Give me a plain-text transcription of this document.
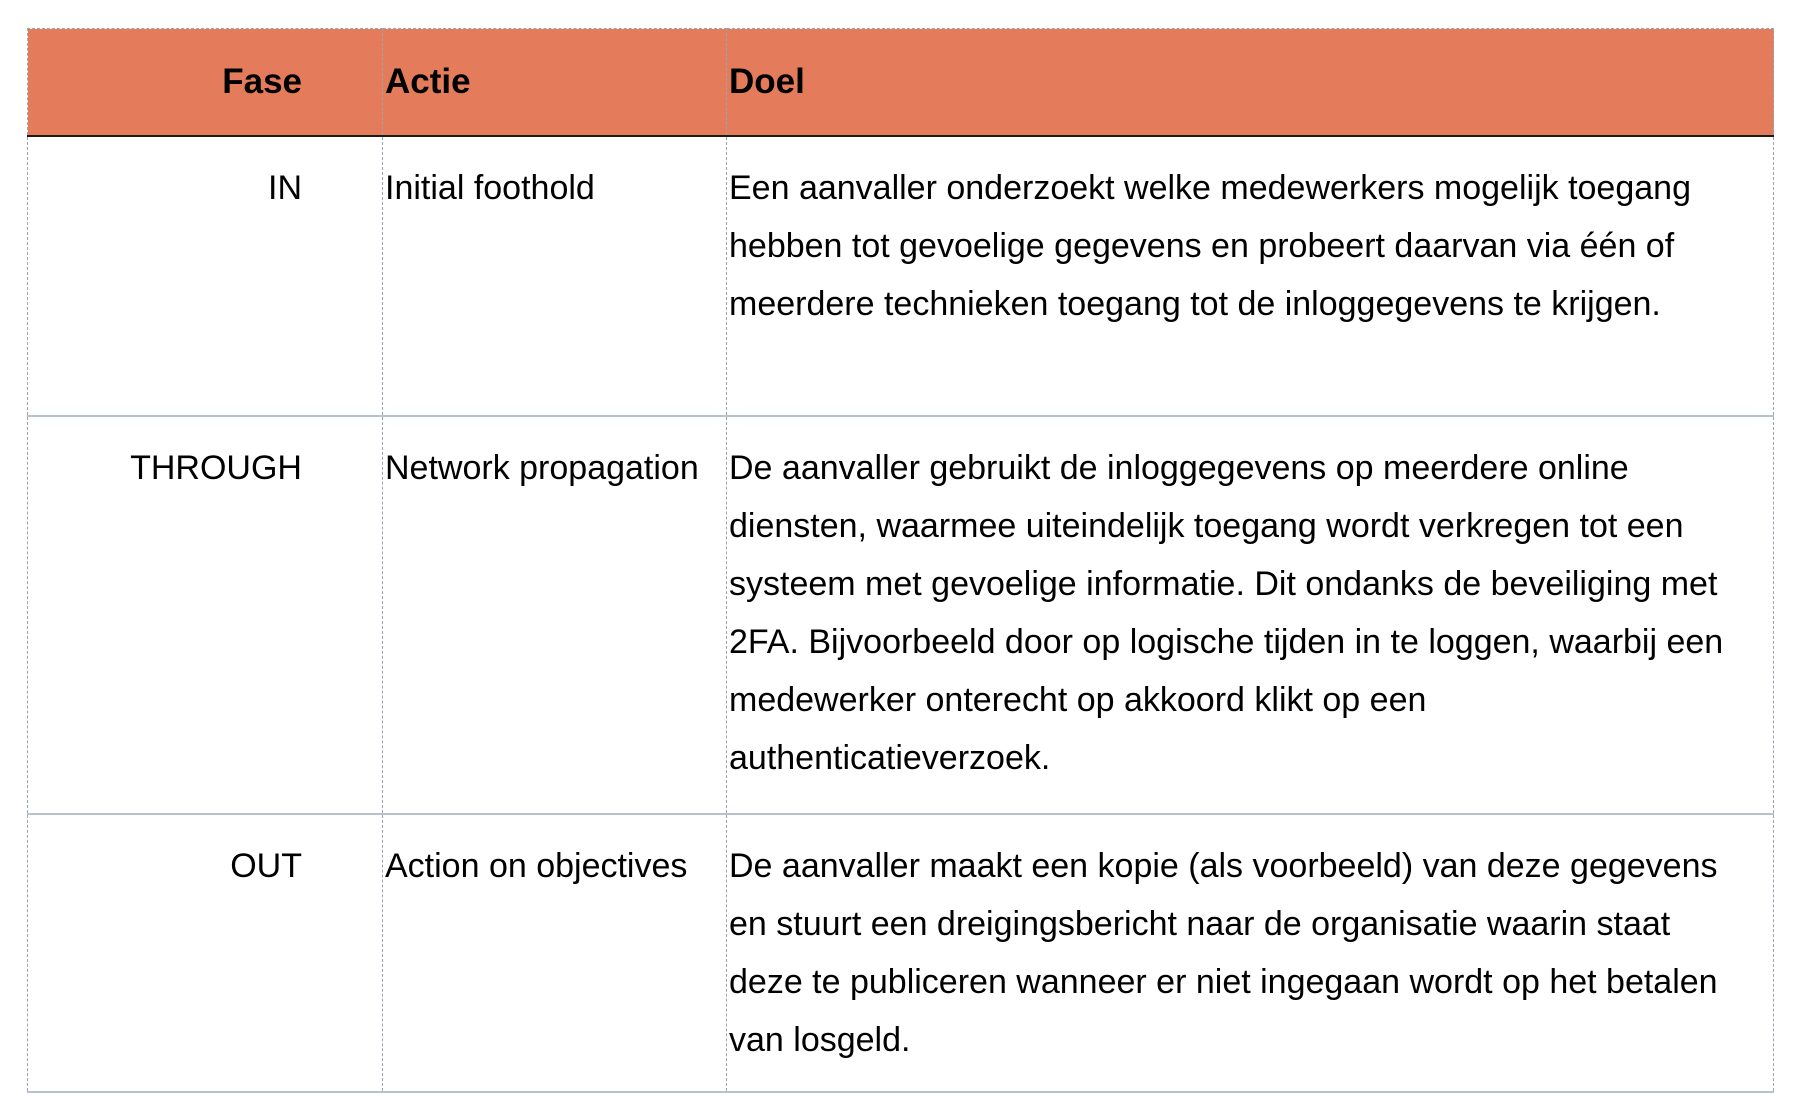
Fase	Actie	Doel
IN	Initial foothold	Een aanvaller onderzoekt welke medewerkers mogelijk toegang hebben tot gevoelige gegevens en probeert daarvan via één of meerdere technieken toegang tot de inloggegevens te krijgen.
THROUGH	Network propagation	De aanvaller gebruikt de inloggegevens op meerdere online diensten, waarmee uiteindelijk toegang wordt verkregen tot een systeem met gevoelige informatie. Dit ondanks de beveiliging met 2FA. Bijvoorbeeld door op logische tijden in te loggen, waarbij een medewerker onterecht op akkoord klikt op een authenticatieverzoek.
OUT	Action on objectives	De aanvaller maakt een kopie (als voorbeeld) van deze gegevens en stuurt een dreigingsbericht naar de organisatie waarin staat deze te publiceren wanneer er niet ingegaan wordt op het betalen van losgeld.
